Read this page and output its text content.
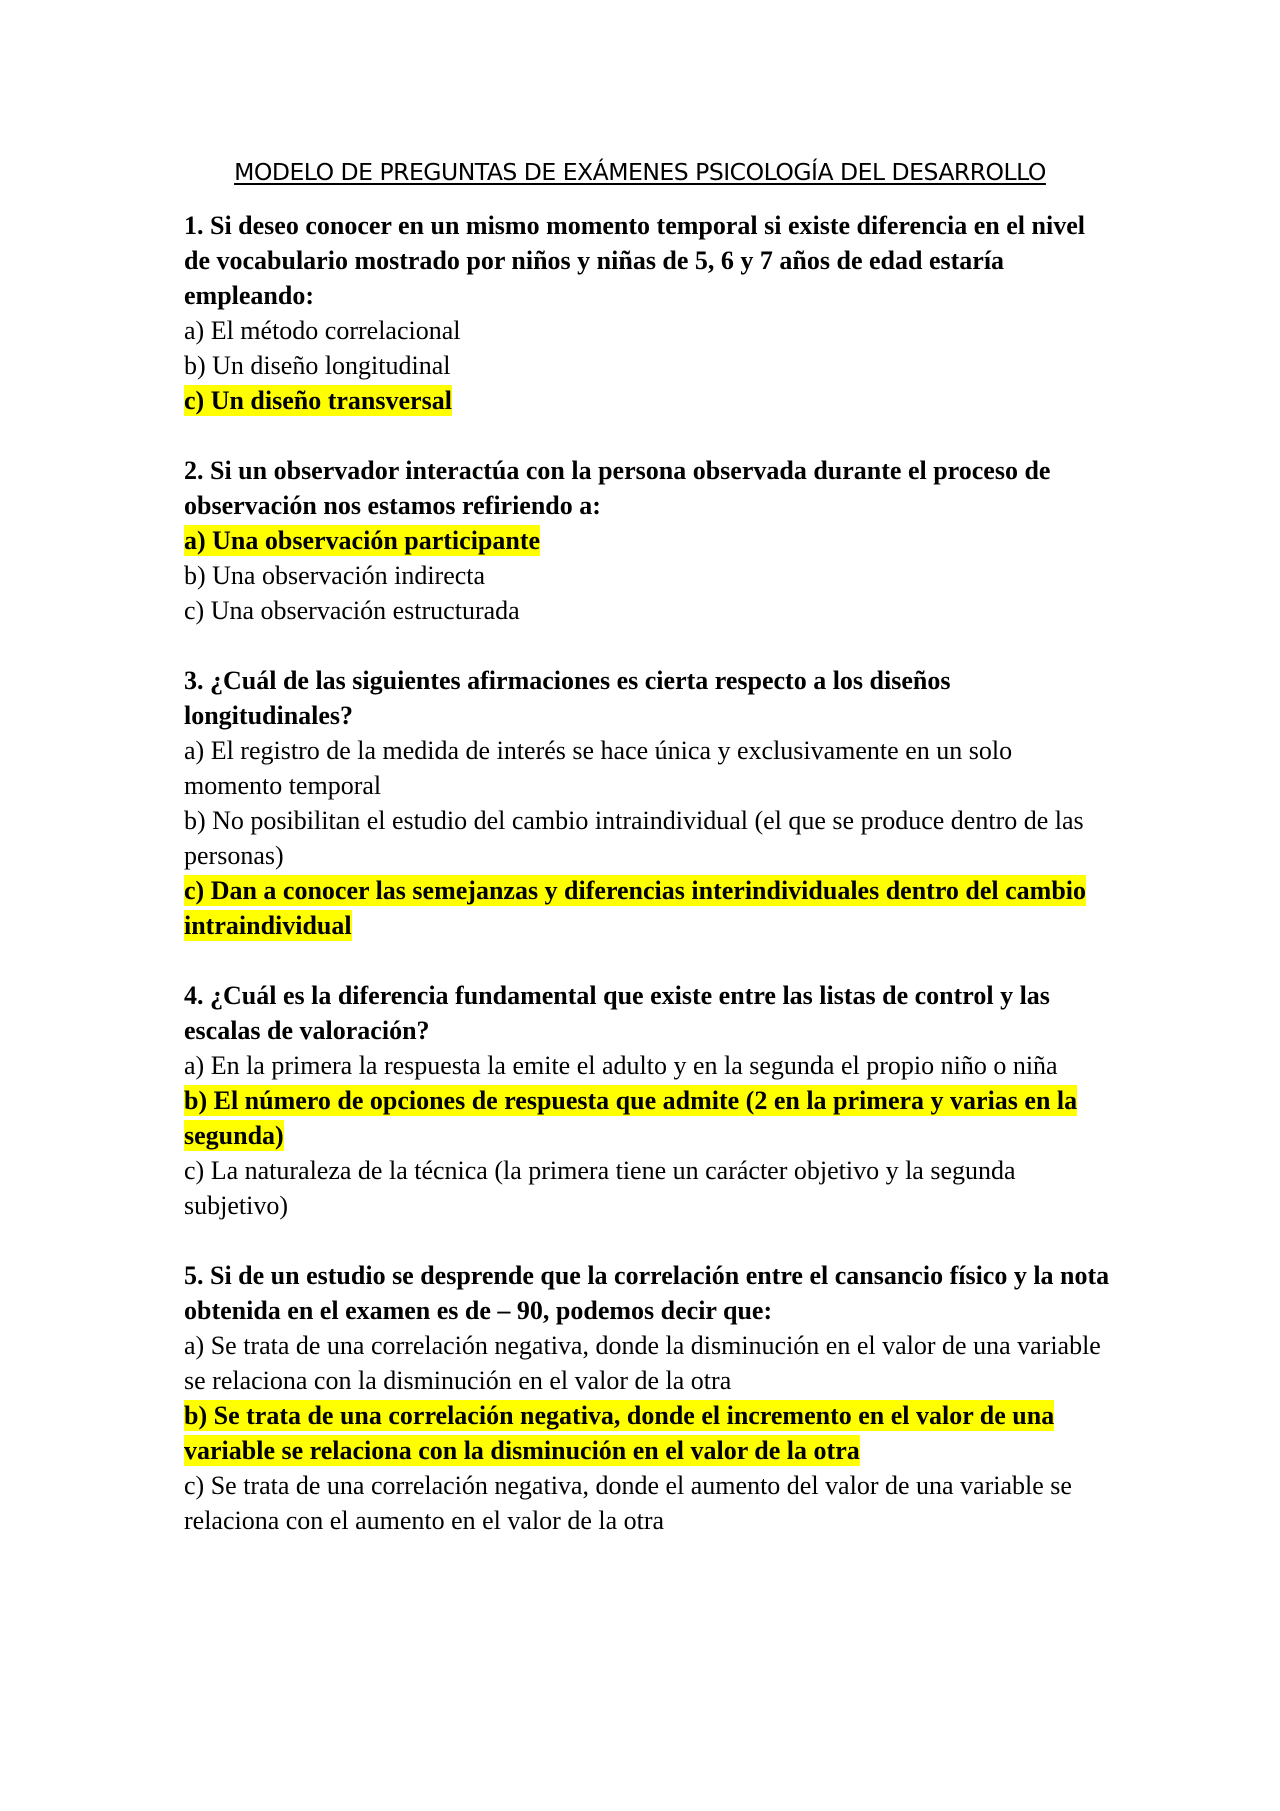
MODELO DE PREGUNTAS DE EXÁMENES PSICOLOGÍA DEL DESARROLLO

1. Si deseo conocer en un mismo momento temporal si existe diferencia en el nivel de vocabulario mostrado por niños y niñas de 5, 6 y 7 años de edad estaría empleando:

a) El método correlacional

b) Un diseño longitudinal

c) Un diseño transversal

2. Si un observador interactúa con la persona observada durante el proceso de observación nos estamos refiriendo a:

a) Una observación participante

b) Una observación indirecta

c) Una observación estructurada

3. ¿Cuál de las siguientes afirmaciones es cierta respecto a los diseños longitudinales?

a) El registro de la medida de interés se hace única y exclusivamente en un solo momento temporal

b) No posibilitan el estudio del cambio intraindividual (el que se produce dentro de las personas)

c) Dan a conocer las semejanzas y diferencias interindividuales dentro del cambio intraindividual

4. ¿Cuál es la diferencia fundamental que existe entre las listas de control y las escalas de valoración?

a) En la primera la respuesta la emite el adulto y en la segunda el propio niño o niña

b) El número de opciones de respuesta que admite (2 en la primera y varias en la segunda)

c) La naturaleza de la técnica (la primera tiene un carácter objetivo y la segunda subjetivo)

5. Si de un estudio se desprende que la correlación entre el cansancio físico y la nota obtenida en el examen es de – 90, podemos decir que:

a) Se trata de una correlación negativa, donde la disminución en el valor de una variable se relaciona con la disminución en el valor de la otra

b) Se trata de una correlación negativa, donde el incremento en el valor de una variable se relaciona con la disminución en el valor de la otra

c) Se trata de una correlación negativa, donde el aumento del valor de una variable se relaciona con el aumento en el valor de la otra
